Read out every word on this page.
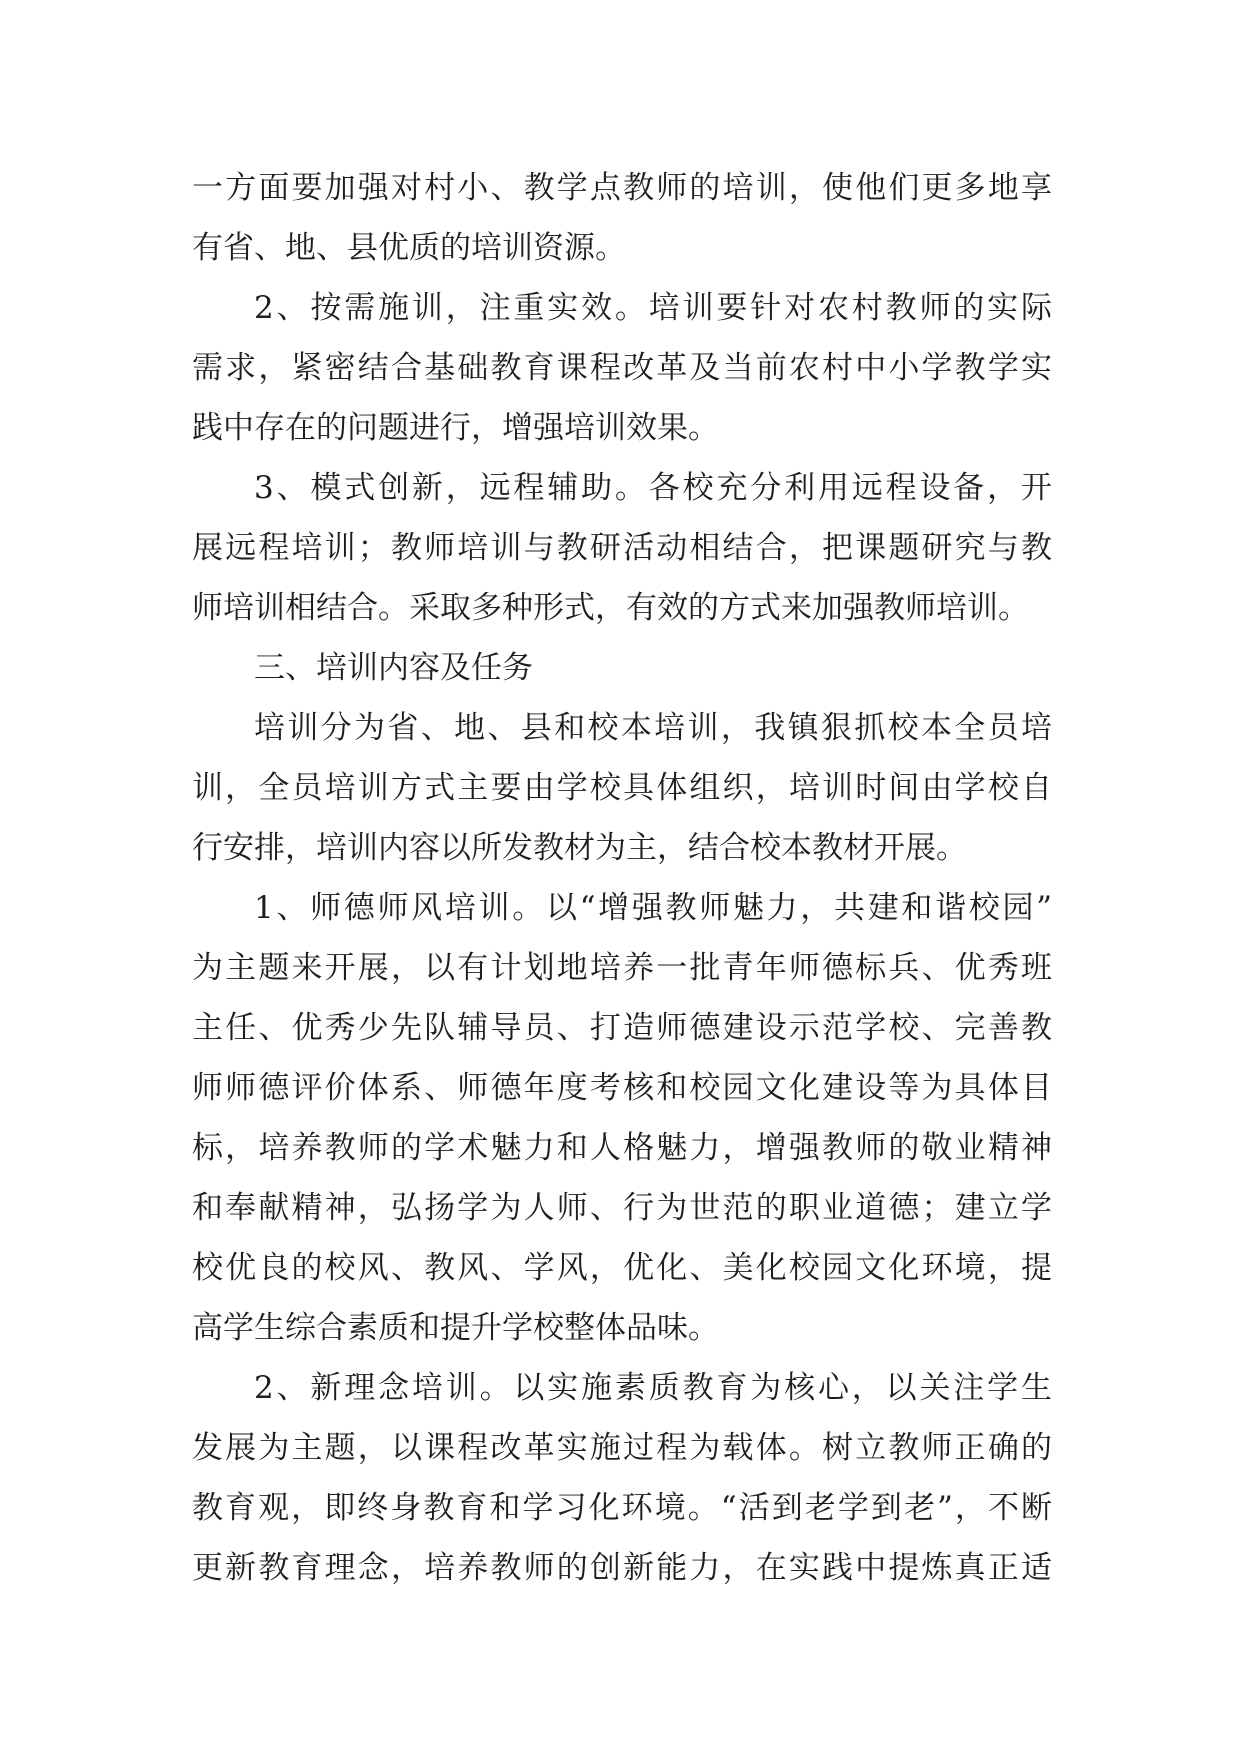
一方面要加强对村小、教学点教师的培训，使他们更多地享
有省、地、县优质的培训资源。
2、按需施训，注重实效。培训要针对农村教师的实际
需求，紧密结合基础教育课程改革及当前农村中小学教学实
践中存在的问题进行，增强培训效果。
3、模式创新，远程辅助。各校充分利用远程设备，开
展远程培训；教师培训与教研活动相结合，把课题研究与教
师培训相结合。采取多种形式，有效的方式来加强教师培训。
三、培训内容及任务
培训分为省、地、县和校本培训，我镇狠抓校本全员培
训，全员培训方式主要由学校具体组织，培训时间由学校自
行安排，培训内容以所发教材为主，结合校本教材开展。
1、师德师风培训。以“增强教师魅力，共建和谐校园”
为主题来开展，以有计划地培养一批青年师德标兵、优秀班
主任、优秀少先队辅导员、打造师德建设示范学校、完善教
师师德评价体系、师德年度考核和校园文化建设等为具体目
标，培养教师的学术魅力和人格魅力，增强教师的敬业精神
和奉献精神，弘扬学为人师、行为世范的职业道德；建立学
校优良的校风、教风、学风，优化、美化校园文化环境，提
高学生综合素质和提升学校整体品味。
2、新理念培训。以实施素质教育为核心，以关注学生
发展为主题，以课程改革实施过程为载体。树立教师正确的
教育观，即终身教育和学习化环境。“活到老学到老”，不断
更新教育理念，培养教师的创新能力，在实践中提炼真正适
